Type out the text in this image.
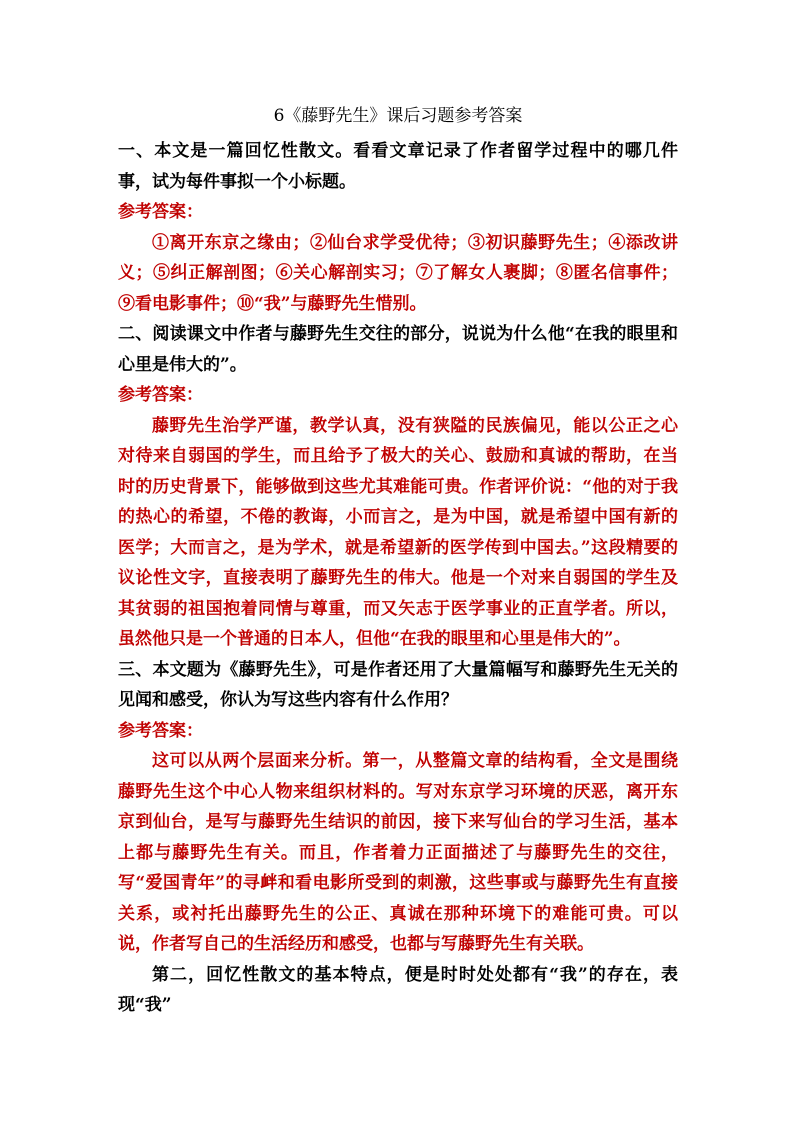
6《藤野先生》课后习题参考答案

一、本文是一篇回忆性散文。看看文章记录了作者留学过程中的哪几件事，试为每件事拟一个小标题。

参考答案：

①离开东京之缘由；②仙台求学受优待；③初识藤野先生；④添改讲义；⑤纠正解剖图；⑥关心解剖实习；⑦了解女人裹脚；⑧匿名信事件；⑨看电影事件；⑩“我”与藤野先生惜别。

二、阅读课文中作者与藤野先生交往的部分，说说为什么他“在我的眼里和心里是伟大的”。

参考答案：

藤野先生治学严谨，教学认真，没有狭隘的民族偏见，能以公正之心对待来自弱国的学生，而且给予了极大的关心、鼓励和真诚的帮助，在当时的历史背景下，能够做到这些尤其难能可贵。作者评价说：“他的对于我的热心的希望，不倦的教诲，小而言之，是为中国，就是希望中国有新的医学；大而言之，是为学术，就是希望新的医学传到中国去。”这段精要的议论性文字，直接表明了藤野先生的伟大。他是一个对来自弱国的学生及其贫弱的祖国抱着同情与尊重，而又矢志于医学事业的正直学者。所以，虽然他只是一个普通的日本人，但他“在我的眼里和心里是伟大的”。

三、本文题为《藤野先生》，可是作者还用了大量篇幅写和藤野先生无关的见闻和感受，你认为写这些内容有什么作用？

参考答案：

这可以从两个层面来分析。第一，从整篇文章的结构看，全文是围绕藤野先生这个中心人物来组织材料的。写对东京学习环境的厌恶，离开东京到仙台，是写与藤野先生结识的前因，接下来写仙台的学习生活，基本上都与藤野先生有关。而且，作者着力正面描述了与藤野先生的交往，写“爱国青年”的寻衅和看电影所受到的刺激，这些事或与藤野先生有直接关系，或衬托出藤野先生的公正、真诚在那种环境下的难能可贵。可以说，作者写自己的生活经历和感受，也都与写藤野先生有关联。

第二，回忆性散文的基本特点，便是时时处处都有“我”的存在，表现“我”
